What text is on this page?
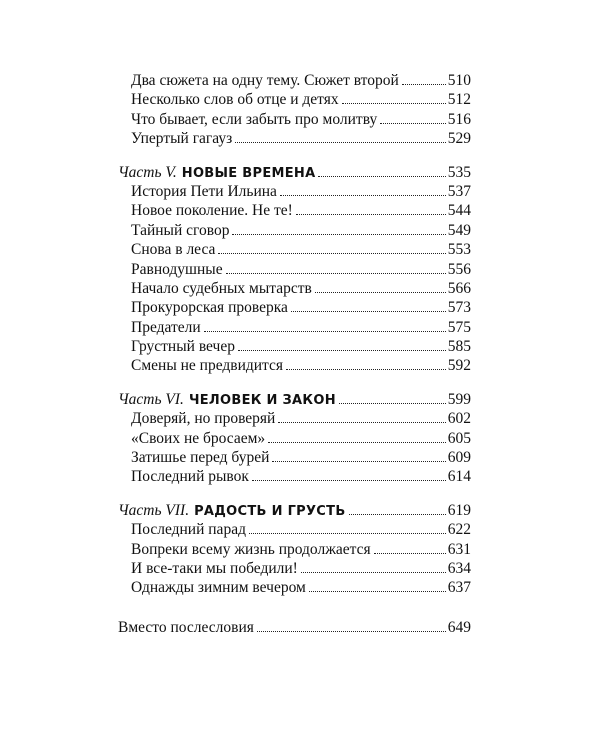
Два сюжета на одну тему. Сюжет второй	510
Несколько слов об отце и детях	512
Что бывает, если забыть про молитву	516
Упертый гагауз	529
Часть V. НОВЫЕ ВРЕМЕНА	535
История Пети Ильина	537
Новое поколение. Не те!	544
Тайный сговор	549
Снова в леса	553
Равнодушные	556
Начало судебных мытарств	566
Прокурорская проверка	573
Предатели	575
Грустный вечер	585
Смены не предвидится	592
Часть VI. ЧЕЛОВЕК И ЗАКОН	599
Доверяй, но проверяй	602
«Своих не бросаем»	605
Затишье перед бурей	609
Последний рывок	614
Часть VII. РАДОСТЬ И ГРУСТЬ	619
Последний парад	622
Вопреки всему жизнь продолжается	631
И все-таки мы победили!	634
Однажды зимним вечером	637
Вместо послесловия	649
